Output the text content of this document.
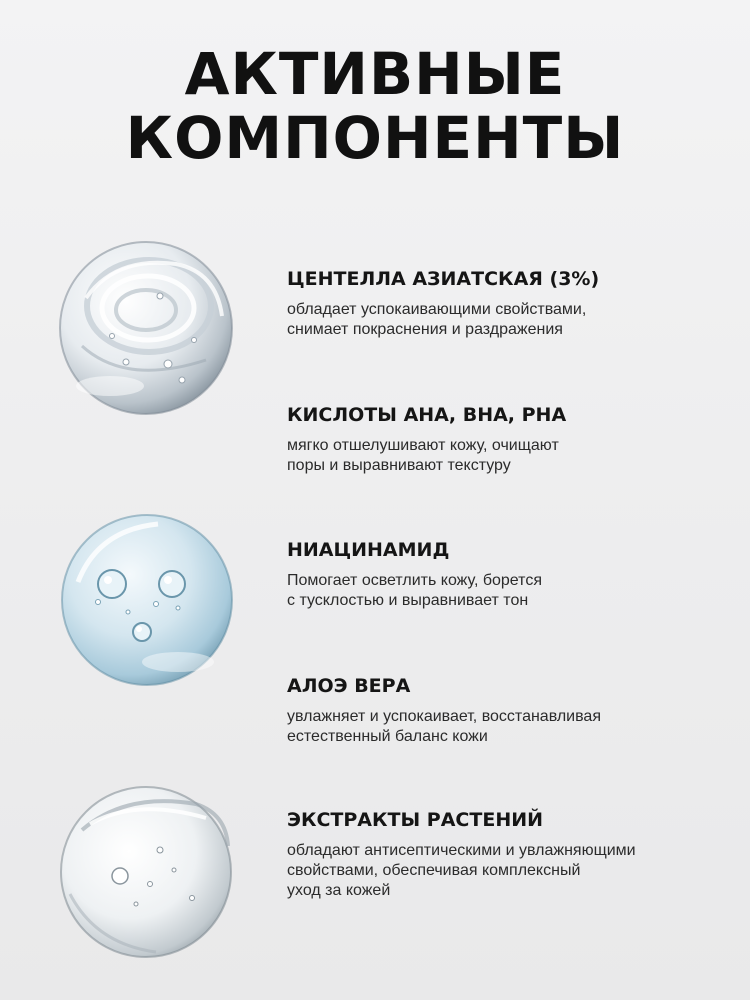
АКТИВНЫЕ
КОМПОНЕНТЫ
ЦЕНТЕЛЛА АЗИАТСКАЯ (3%)
обладает успокаивающими свойствами,
снимает покраснения и раздражения
КИСЛОТЫ АНА, ВНА, РНА
мягко отшелушивают кожу, очищают
поры и выравнивают текстуру
НИАЦИНАМИД
Помогает осветлить кожу, борется
с тусклостью и выравнивает тон
АЛОЭ ВЕРА
увлажняет и успокаивает, восстанавливая
естественный баланс кожи
ЭКСТРАКТЫ РАСТЕНИЙ
обладают антисептическими и увлажняющими
свойствами, обеспечивая комплексный
уход за кожей
